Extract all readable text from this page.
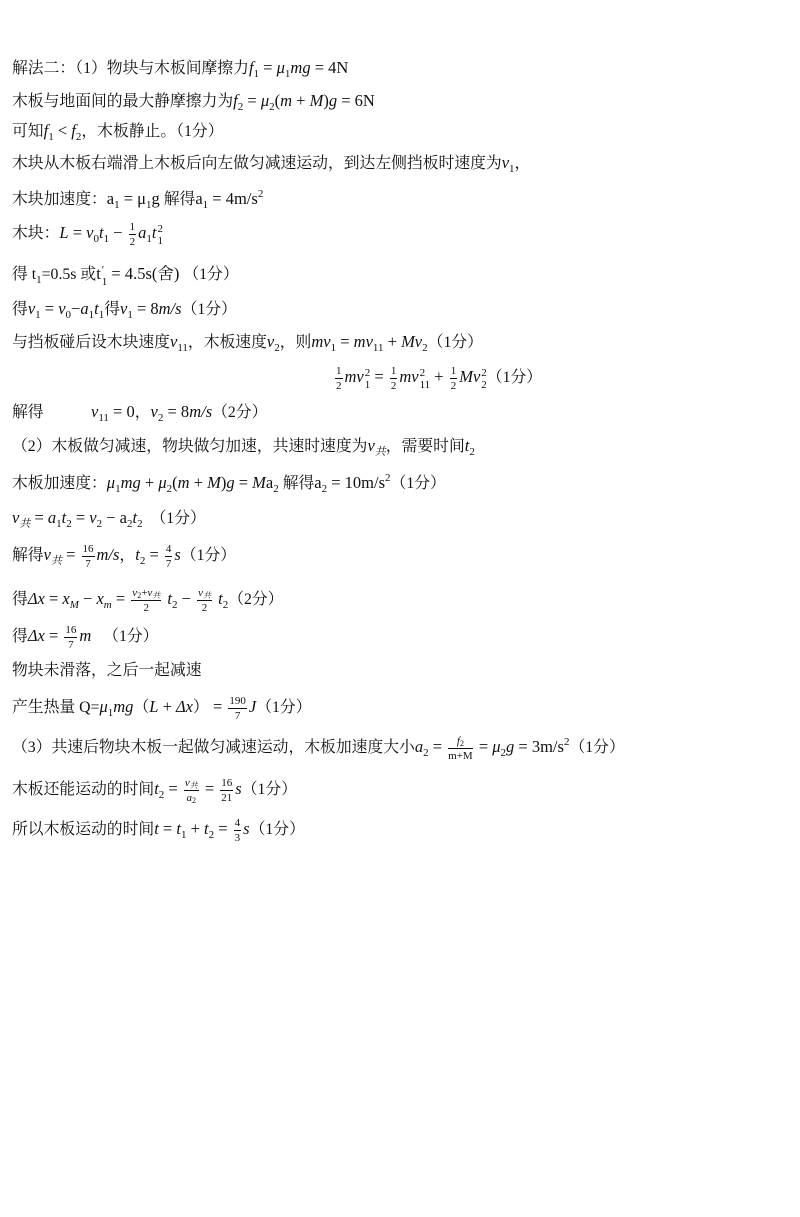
解法二：（1）物块与木板间摩擦力$f_1 = \mu_1mg = 4N$
木板与地面间的最大静摩擦力为$f_2 = \mu_2(m + M)g = 6N$
可知$f_1 < f_2$，木板静止。（1分）
木块从木板右端滑上木板后向左做匀减速运动，到达左侧挡板时速度为$v_1$，
木块加速度：$a_1 = \mu_1g$ 解得$a_1 = 4m/s^2$
木块：$L = v_0t_1 - \frac{1}{2} a_1t$ 2
1
得 $t_1=0.5s$ 或t ′
1 = 4.5s(舍) （1分）
得$v_1 = v_0-a_1t_1$得$v_1 = 8m/s(1$分）
与挡板碰后设木块速度$v_{11}$，木板速度$v_2$，则$mv_1 = mv_{11} + Mv_2(1$分）
$\frac{1}{2}$ mv 2
$1 = \frac{1}{2}$ mv 2
$11 + \frac{1}{2}$ Mv 2
2 （1分）
解得            $v_{11} = 0$，$v_2 = 8m/s(2$分）
（2）木板做匀减速，物块做匀加速，共速时速度为$v_共$，需要时间$t_2$
木板加速度：$\mu_1mg + \mu_2(m + M)g = Ma_2$ 解得$a_2 = 10m/s^2(1$分）
$v_共 = a_1t_2 = v_2 - a_2t_2$  （1分）
解得$v_共 = \frac{16}{7} m/s$，$t_2 = \frac{4}{7} s(1$分）
得$\Delta x = x_M - x_m = \frac{v_2+v共}{2} t_2 - \frac{\text{v共}}{2} t_2(2$分）
得$\Delta x = \frac{16}{7}$ m   （1分）
物块未滑落，之后一起减速
产生热量 $Q=\mu_1mg(L + \Delta x) = \frac{190}{7} J(1$分）
（3）共速后物块木板一起做匀减速运动，木板加速度大小$a_2 = \frac{f_2}{m+M} = \mu_2g = 3m/s^2(1$分）
木板还能运动的时间$t_2 = \frac{\text{v共}}{a_2} = \frac{16}{21} s(1$分）
所以木板运动的时间$t = t_1 + t_2 = \frac{4}{3} s(1$分）
